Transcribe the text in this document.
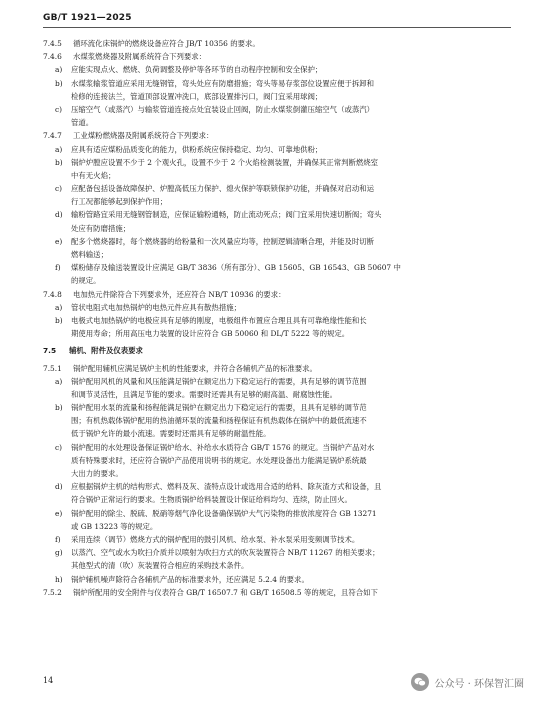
GB/T 1921—2025
7.4.5 循环流化床锅炉的燃烧设备应符合 JB/T 10356 的要求。
7.4.6 水煤浆燃烧器及附属系统符合下列要求：
a) 应能实现点火、燃烧、负荷调整及停炉等各环节的自动程序控制和安全保护；
b) 水煤浆输浆管道应采用无缝钢管，弯头处应有防磨措施；弯头等易存浆部位设置应便于拆卸和
检修的连接法兰，管道顶部设置冲洗口，底部设置排污口，阀门宜采用球阀；
c) 压缩空气（或蒸汽）与输浆管道连接点处宜装设止回阀，防止水煤浆倒灌压缩空气（或蒸汽）
管道。
7.4.7 工业煤粉燃烧器及附属系统符合下列要求：
a) 应具有适应煤粉品质变化的能力，供粉系统应保持稳定、均匀、可靠地供粉；
b) 锅炉炉膛应设置不少于 2 个观火孔，设置不少于 2 个火焰检测装置，并确保其正常判断燃烧室
中有无火焰；
c) 应配备包括设备故障保护、炉膛高低压力保护、熄火保护等联锁保护功能，并确保对启动和运
行工况都能够起到保护作用；
d) 输粉管路宜采用无缝钢管制造，应保证输粉通畅，防止流动死点；阀门宜采用快速切断阀；弯头
处应有防磨措施；
e) 配多个燃烧器时，每个燃烧器的给粉量和一次风量应均等，控制逻辑清晰合理，并能及时切断
燃料输送；
f) 煤粉储存及输送装置设计应满足 GB/T 3836（所有部分）、GB 15605、GB 16543、GB 50607 中
的规定。
7.4.8 电加热元件除符合下列要求外，还应符合 NB/T 10936 的要求：
a) 管状电阻式电加热锅炉的电热元件应具有散热措施；
b) 电极式电加热锅炉的电极应具有足够的刚度，电极组件布置应合理且具有可靠绝缘性能和长
期使用寿命；所用高压电力装置的设计应符合 GB 50060 和 DL/T 5222 等的规定。
7.5 辅机、附件及仪表要求
7.5.1 锅炉配用辅机应满足锅炉主机的性能要求，并符合各辅机产品的标准要求。
a) 锅炉配用风机的风量和风压能满足锅炉在额定出力下稳定运行的需要，具有足够的调节范围
和调节灵活性，且满足节能的要求。需要时还需具有足够的耐高温、耐腐蚀性能。
b) 锅炉配用水泵的流量和扬程能满足锅炉在额定出力下稳定运行的需要，且具有足够的调节范
围；有机热载体锅炉配用的热油循环泵的流量和扬程保证有机热载体在锅炉中的最低流速不
低于锅炉允许的最小流速。需要时还需具有足够的耐温性能。
c) 锅炉配用的水处理设备保证锅炉给水、补给水水质符合 GB/T 1576 的规定。当锅炉产品对水
质有特殊要求时，还应符合锅炉产品使用说明书的规定。水处理设备出力能满足锅炉系统最
大出力的要求。
d) 应根据锅炉主机的结构形式、燃料及灰、渣特点设计或选用合适的给料、除灰渣方式和设备，且
符合锅炉正常运行的要求。生物质锅炉给料装置设计保证给料均匀、连续，防止回火。
e) 锅炉配用的除尘、脱硫、脱硝等烟气净化设备确保锅炉大气污染物的排放浓度符合 GB 13271
或 GB 13223 等的规定。
f) 采用连续（调节）燃烧方式的锅炉配用的鼓引风机、给水泵、补水泵采用变频调节技术。
g) 以蒸汽、空气或水为吹扫介质并以喷射为吹扫方式的吹灰装置符合 NB/T 11267 的相关要求；
其他型式的清（吹）灰装置符合相应的采购技术条件。
h) 锅炉辅机噪声除符合各辅机产品的标准要求外，还应满足 5.2.4 的要求。
7.5.2 锅炉所配用的安全附件与仪表符合 GB/T 16507.7 和 GB/T 16508.5 等的规定，且符合如下
14	公众号 · 环保智汇圈
